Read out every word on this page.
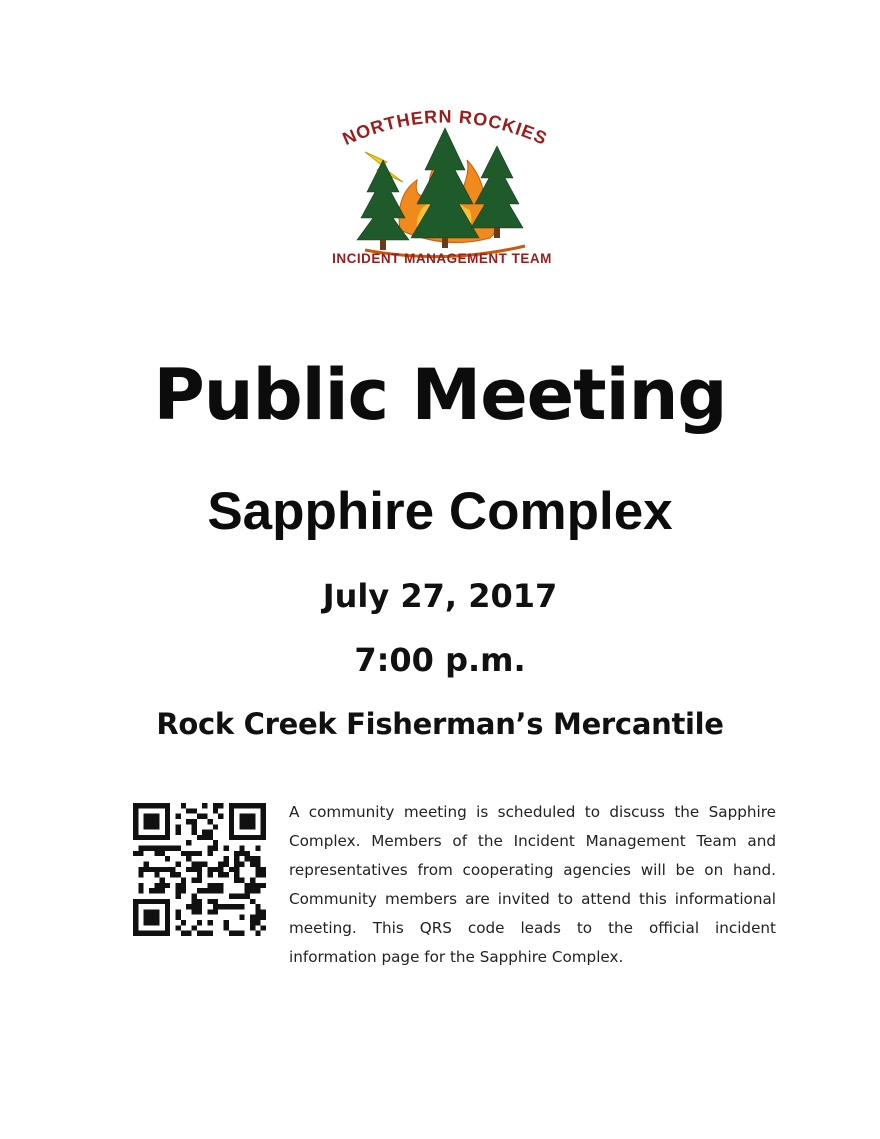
NORTHERN ROCKIES
INCIDENT MANAGEMENT TEAM
Public Meeting
Sapphire Complex
July 27, 2017
7:00 p.m.
Rock Creek Fisherman’s Mercantile
A community meeting is scheduled to discuss the Sapphire Complex. Members of the Incident Management Team and representatives from cooperating agencies will be on hand. Community members are invited to attend this informational meeting. This QRS code leads to the official incident information page for the Sapphire Complex.
